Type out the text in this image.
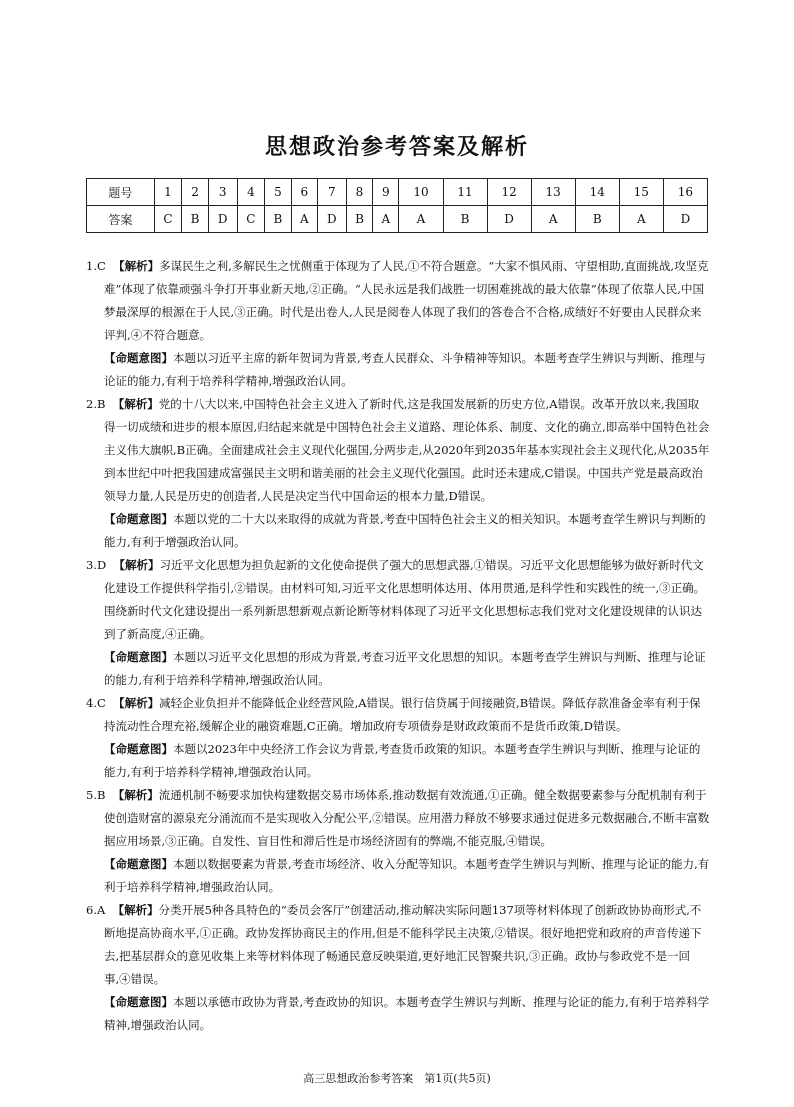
思想政治参考答案及解析
题号	1	2	3	4	5	6	7	8	9	10	11	12	13	14	15	16
答案	C	B	D	C	B	A	D	B	A	A	B	D	A	B	A	D

1.C 【解析】多谋民生之利,多解民生之忧侧重于体现为了人民,①不符合题意。“大家不惧风雨、守望相助,直面挑战,攻坚克难”体现了依靠顽强斗争打开事业新天地,②正确。“人民永远是我们战胜一切困难挑战的最大依靠”体现了依靠人民,中国梦最深厚的根源在于人民,③正确。时代是出卷人,人民是阅卷人体现了我们的答卷合不合格,成绩好不好要由人民群众来评判,④不符合题意。

【命题意图】本题以习近平主席的新年贺词为背景,考查人民群众、斗争精神等知识。本题考查学生辨识与判断、推理与论证的能力,有利于培养科学精神,增强政治认同。

2.B 【解析】党的十八大以来,中国特色社会主义进入了新时代,这是我国发展新的历史方位,A错误。改革开放以来,我国取得一切成绩和进步的根本原因,归结起来就是中国特色社会主义道路、理论体系、制度、文化的确立,即高举中国特色社会主义伟大旗帜,B正确。全面建成社会主义现代化强国,分两步走,从2020年到2035年基本实现社会主义现代化,从2035年到本世纪中叶把我国建成富强民主文明和谐美丽的社会主义现代化强国。此时还未建成,C错误。中国共产党是最高政治领导力量,人民是历史的创造者,人民是决定当代中国命运的根本力量,D错误。

【命题意图】本题以党的二十大以来取得的成就为背景,考查中国特色社会主义的相关知识。本题考查学生辨识与判断的能力,有利于增强政治认同。

3.D 【解析】习近平文化思想为担负起新的文化使命提供了强大的思想武器,①错误。习近平文化思想能够为做好新时代文化建设工作提供科学指引,②错误。由材料可知,习近平文化思想明体达用、体用贯通,是科学性和实践性的统一,③正确。围绕新时代文化建设提出一系列新思想新观点新论断等材料体现了习近平文化思想标志我们党对文化建设规律的认识达到了新高度,④正确。

【命题意图】本题以习近平文化思想的形成为背景,考查习近平文化思想的知识。本题考查学生辨识与判断、推理与论证的能力,有利于培养科学精神,增强政治认同。

4.C 【解析】减轻企业负担并不能降低企业经营风险,A错误。银行信贷属于间接融资,B错误。降低存款准备金率有利于保持流动性合理充裕,缓解企业的融资难题,C正确。增加政府专项债券是财政政策而不是货币政策,D错误。

【命题意图】本题以2023年中央经济工作会议为背景,考查货币政策的知识。本题考查学生辨识与判断、推理与论证的能力,有利于培养科学精神,增强政治认同。

5.B 【解析】流通机制不畅要求加快构建数据交易市场体系,推动数据有效流通,①正确。健全数据要素参与分配机制有利于使创造财富的源泉充分涌流而不是实现收入分配公平,②错误。应用潜力释放不够要求通过促进多元数据融合,不断丰富数据应用场景,③正确。自发性、盲目性和滞后性是市场经济固有的弊端,不能克服,④错误。

【命题意图】本题以数据要素为背景,考查市场经济、收入分配等知识。本题考查学生辨识与判断、推理与论证的能力,有利于培养科学精神,增强政治认同。

6.A 【解析】分类开展5种各具特色的“委员会客厅”创建活动,推动解决实际问题137项等材料体现了创新政协协商形式,不断地提高协商水平,①正确。政协发挥协商民主的作用,但是不能科学民主决策,②错误。很好地把党和政府的声音传递下去,把基层群众的意见收集上来等材料体现了畅通民意反映渠道,更好地汇民智聚共识,③正确。政协与参政党不是一回事,④错误。

【命题意图】本题以承德市政协为背景,考查政协的知识。本题考查学生辨识与判断、推理与论证的能力,有利于培养科学精神,增强政治认同。

高三思想政治参考答案　第1页(共5页)
